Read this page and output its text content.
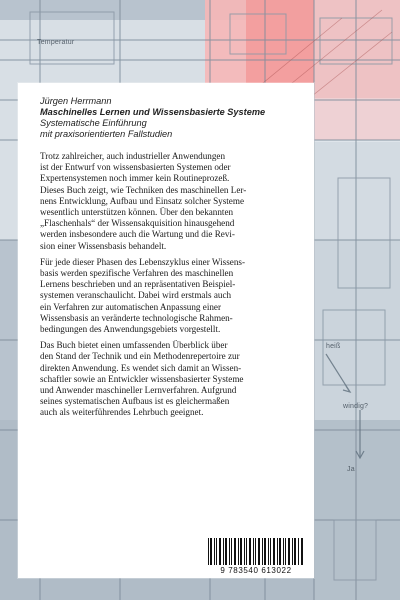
Temperatur
heiß
windig?
Ja
Jürgen Herrmann
Maschinelles Lernen und Wissensbasierte Systeme
Systematische Einführung
mit praxisorientierten Fallstudien

Trotz zahlreicher, auch industrieller Anwendungen
ist der Entwurf von wissensbasierten Systemen oder
Expertensystemen noch immer kein Routineprozeß.
Dieses Buch zeigt, wie Techniken des maschinellen Ler-
nens Entwicklung, Aufbau und Einsatz solcher Systeme
wesentlich unterstützen können. Über den bekannten
„Flaschenhals“ der Wissensakquisition hinausgehend
werden insbesondere auch die Wartung und die Revi-
sion einer Wissensbasis behandelt.

Für jede dieser Phasen des Lebenszyklus einer Wissens-
basis werden spezifische Verfahren des maschinellen
Lernens beschrieben und an repräsentativen Beispiel-
systemen veranschaulicht. Dabei wird erstmals auch
ein Verfahren zur automatischen Anpassung einer
Wissensbasis an veränderte technologische Rahmen-
bedingungen des Anwendungsgebiets vorgestellt.

Das Buch bietet einen umfassenden Überblick über
den Stand der Technik und ein Methodenrepertoire zur
direkten Anwendung. Es wendet sich damit an Wissen-
schaftler sowie an Entwickler wissensbasierter Systeme
und Anwender maschineller Lernverfahren. Aufgrund
seines systematischen Aufbaus ist es gleichermaßen
auch als weiterführendes Lehrbuch geeignet.

9 783540 613022
